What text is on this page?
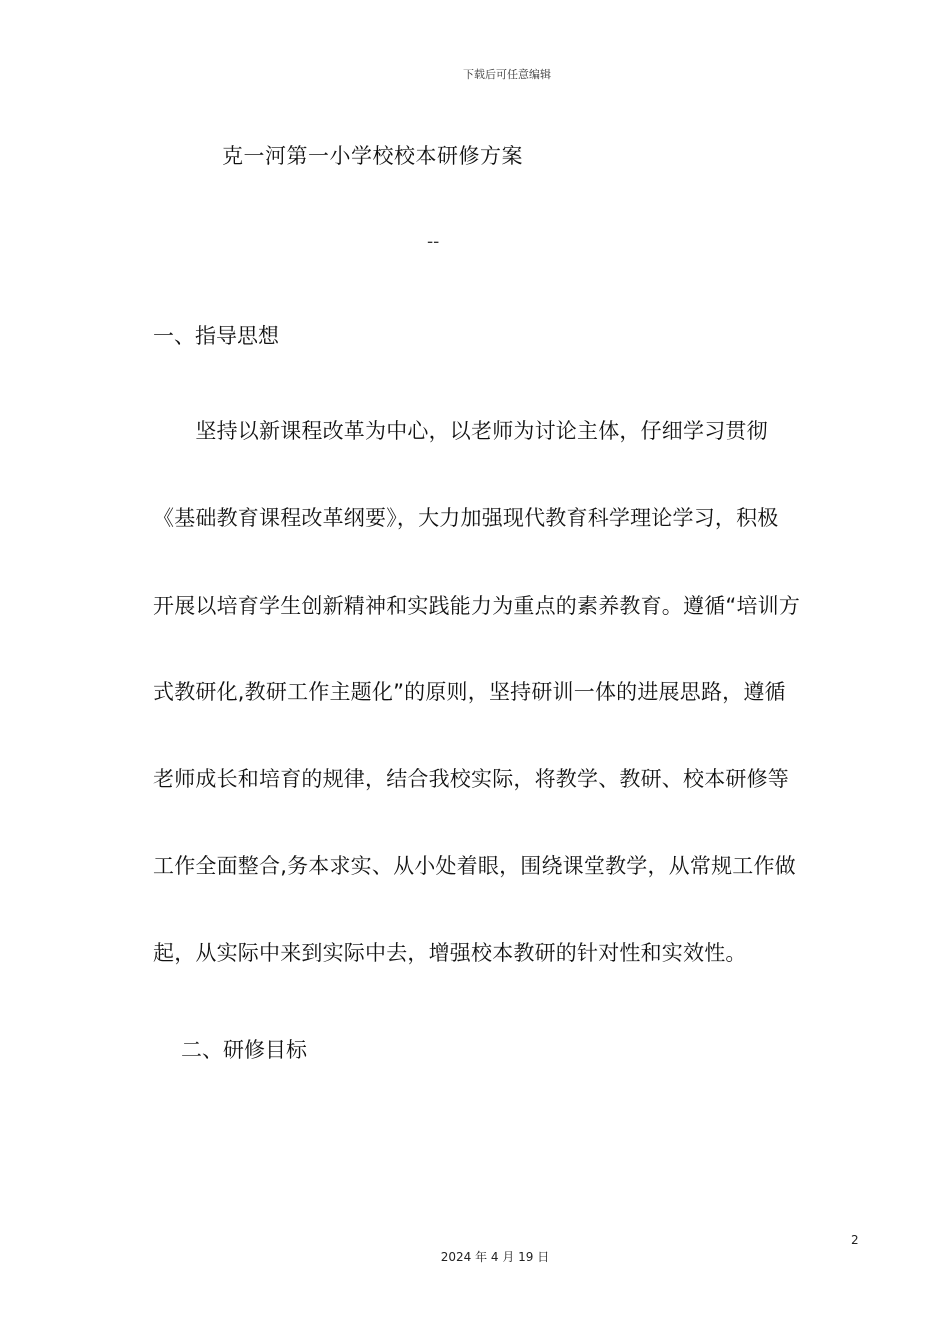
下载后可任意编辑
克一河第一小学校校本研修方案
--
一、指导思想
　　坚持以新课程改革为中心，以老师为讨论主体，仔细学习贯彻
《基础教育课程改革纲要》，大力加强现代教育科学理论学习，积极
开展以培育学生创新精神和实践能力为重点的素养教育。遵循“培训方
式教研化,教研工作主题化”的原则，坚持研训一体的进展思路，遵循
老师成长和培育的规律，结合我校实际，将教学、教研、校本研修等
工作全面整合,务本求实、从小处着眼，围绕课堂教学，从常规工作做
起，从实际中来到实际中去，增强校本教研的针对性和实效性。
二、研修目标
2
2024 年 4 月 19 日
